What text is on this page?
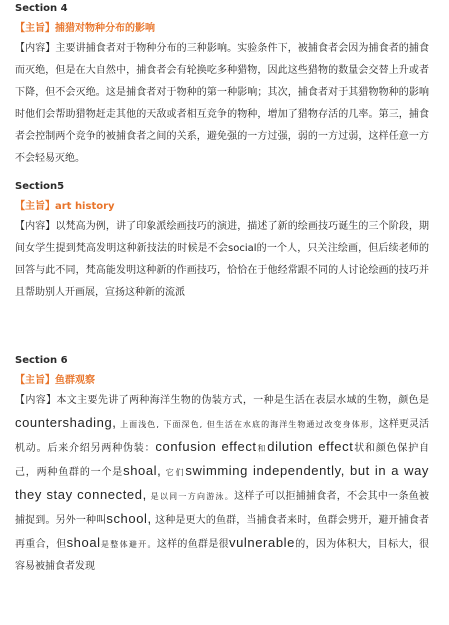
Section 4
【主旨】捕猎对物种分布的影响
【内容】主要讲捕食者对于物种分布的三种影响。实验条件下，被捕食者会因为捕食者的捕食而灭绝，但是在大自然中，捕食者会有轮换吃多种猎物，因此这些猎物的数量会交替上升或者下降，但不会灭绝。这是捕食者对于物种的第一种影响；其次，捕食者对于其猎物物种的影响时他们会帮助猎物赶走其他的天敌或者相互竞争的物种，增加了猎物存活的几率。第三，捕食者会控制两个竞争的被捕食者之间的关系，避免强的一方过强，弱的一方过弱，这样任意一方不会轻易灭绝。
Section5
【主旨】art history
【内容】以梵高为例，讲了印象派绘画技巧的演进，描述了新的绘画技巧诞生的三个阶段，期间女学生提到梵高发明这种新技法的时候是不会social的一个人，只关注绘画，但后续老师的回答与此不同，梵高能发明这种新的作画技巧，恰恰在于他经常跟不同的人讨论绘画的技巧并且帮助别人开画展，宣扬这种新的流派
Section 6
【主旨】鱼群观察
【内容】本文主要先讲了两种海洋生物的伪装方式，一种是生活在表层水域的生物，颜色是countershading, 上面浅色, 下面深色, 但生活在水底的海洋生物通过改变身体形，这样更灵活机动。后来介绍另两种伪装：confusion effect和dilution effect状和颜色保护自己，两种鱼群的一个是shoal, 它们swimming independently, but in a way they stay connected, 是以同一方向游泳。这样子可以拒捕捕食者，不会其中一条鱼被捕捉到。另外一种叫school, 这种是更大的鱼群，当捕食者来时，鱼群会劈开，避开捕食者再重合，但shoal是整体避开。这样的鱼群是很vulnerable的，因为体积大，目标大，很容易被捕食者发现
